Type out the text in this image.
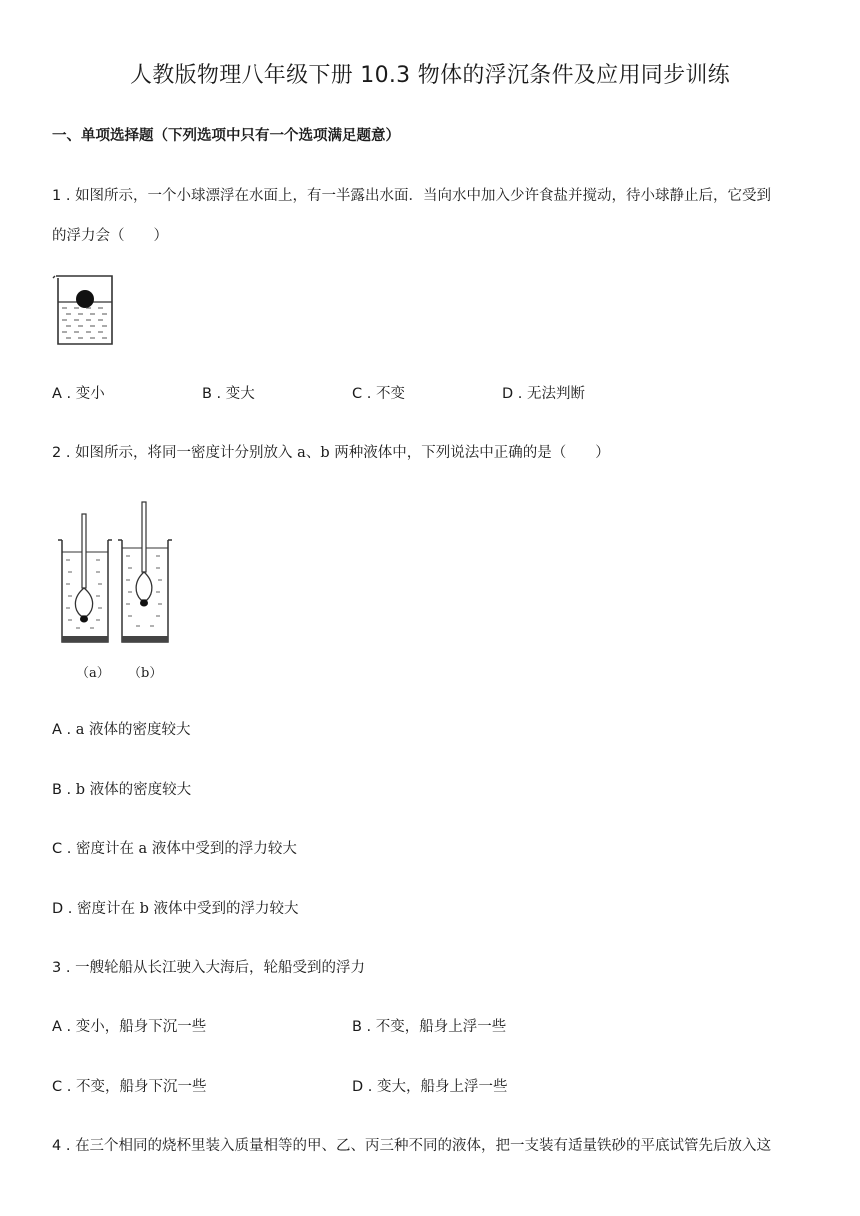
人教版物理八年级下册 10.3 物体的浮沉条件及应用同步训练
一、单项选择题（下列选项中只有一个选项满足题意）
1 . 如图所示，一个小球漂浮在水面上，有一半露出水面．当向水中加入少许食盐并搅动，待小球静止后，它受到
的浮力会（　　）
A . 变小	B . 变大	C . 不变	D . 无法判断
2 . 如图所示，将同一密度计分别放入 a、b 两种液体中，下列说法中正确的是（　　）
（a） （b）
A . a 液体的密度较大
B . b 液体的密度较大
C . 密度计在 a 液体中受到的浮力较大
D . 密度计在 b 液体中受到的浮力较大
3 . 一艘轮船从长江驶入大海后，轮船受到的浮力
A . 变小，船身下沉一些	B . 不变，船身上浮一些
C . 不变，船身下沉一些	D . 变大，船身上浮一些
4 . 在三个相同的烧杯里装入质量相等的甲、乙、丙三种不同的液体，把一支装有适量铁砂的平底试管先后放入这
